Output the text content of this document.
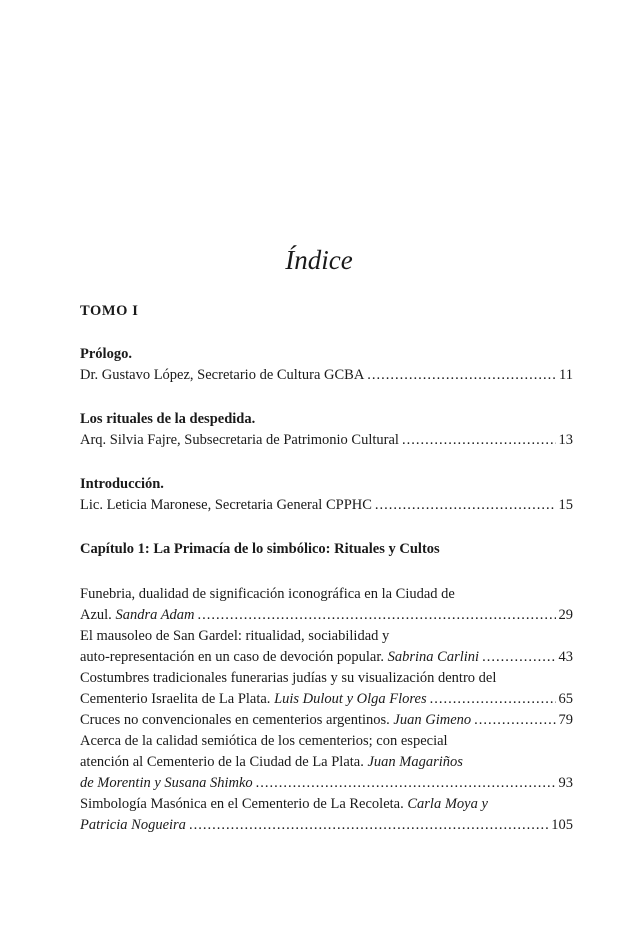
Índice
TOMO I
Prólogo.
Dr. Gustavo López, Secretario de Cultura GCBA .....	11
Los rituales de la despedida.
Arq. Silvia Fajre, Subsecretaria de Patrimonio Cultural .....	13
Introducción.
Lic. Leticia Maronese, Secretaria General CPPHC .....	15
Capítulo 1: La Primacía de lo simbólico: Rituales y Cultos
Funebria, dualidad de significación iconográfica en la Ciudad de
Azul. Sandra Adam .....	29
El mausoleo de San Gardel: ritualidad, sociabilidad y
auto-representación en un caso de devoción popular. Sabrina Carlini .....	43
Costumbres tradicionales funerarias judías y su visualización dentro del
Cementerio Israelita de La Plata. Luis Dulout y Olga Flores .....	65
Cruces no convencionales en cementerios argentinos. Juan Gimeno .....	79
Acerca de la calidad semiótica de los cementerios; con especial
atención al Cementerio de la Ciudad de La Plata. Juan Magariños
de Morentin y Susana Shimko .....	93
Simbología Masónica en el Cementerio de La Recoleta. Carla Moya y
Patricia Nogueira .....	105
